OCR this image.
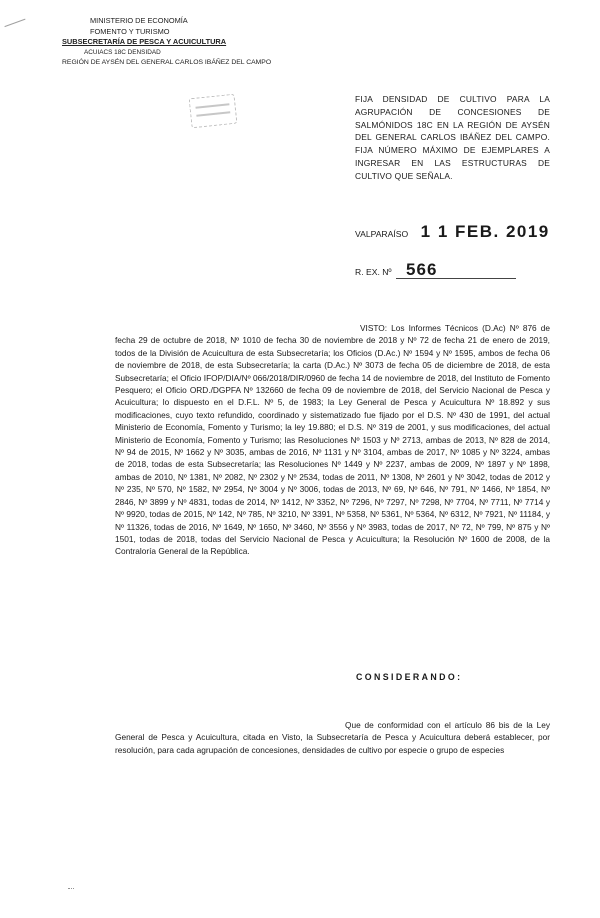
MINISTERIO DE ECONOMÍA
FOMENTO Y TURISMO
SUBSECRETARÍA DE PESCA Y ACUICULTURA
ACUIACS 18C DENSIDAD
REGIÓN DE AYSÉN DEL GENERAL CARLOS IBÁÑEZ DEL CAMPO
FIJA DENSIDAD DE CULTIVO PARA LA AGRUPACIÓN DE CONCESIONES DE SALMÓNIDOS 18C EN LA REGIÓN DE AYSÉN DEL GENERAL CARLOS IBÁÑEZ DEL CAMPO. FIJA NÚMERO MÁXIMO DE EJEMPLARES A INGRESAR EN LAS ESTRUCTURAS DE CULTIVO QUE SEÑALA.
VALPARAÍSO 1 1 FEB. 2019
R. EX. Nº 566
VISTO: Los Informes Técnicos (D.Ac) Nº 876 de fecha 29 de octubre de 2018, Nº 1010 de fecha 30 de noviembre de 2018 y Nº 72 de fecha 21 de enero de 2019, todos de la División de Acuicultura de esta Subsecretaría; los Oficios (D.Ac.) Nº 1594 y Nº 1595, ambos de fecha 06 de noviembre de 2018, de esta Subsecretaría; la carta (D.Ac.) Nº 3073 de fecha 05 de diciembre de 2018, de esta Subsecretaría; el Oficio IFOP/DIA/Nº 066/2018/DIR/0960 de fecha 14 de noviembre de 2018, del Instituto de Fomento Pesquero; el Oficio ORD./DGPFA Nº 132660 de fecha 09 de noviembre de 2018, del Servicio Nacional de Pesca y Acuicultura; lo dispuesto en el D.F.L. Nº 5, de 1983; la Ley General de Pesca y Acuicultura Nº 18.892 y sus modificaciones, cuyo texto refundido, coordinado y sistematizado fue fijado por el D.S. Nº 430 de 1991, del actual Ministerio de Economía, Fomento y Turismo; la ley 19.880; el D.S. Nº 319 de 2001, y sus modificaciones, del actual Ministerio de Economía, Fomento y Turismo; las Resoluciones Nº 1503 y Nº 2713, ambas de 2013, Nº 828 de 2014, Nº 94 de 2015, Nº 1662 y Nº 3035, ambas de 2016, Nº 1131 y Nº 3104, ambas de 2017, Nº 1085 y Nº 3224, ambas de 2018, todas de esta Subsecretaría; las Resoluciones Nº 1449 y Nº 2237, ambas de 2009, Nº 1897 y Nº 1898, ambas de 2010, Nº 1381, Nº 2082, Nº 2302 y Nº 2534, todas de 2011, Nº 1308, Nº 2601 y Nº 3042, todas de 2012 y Nº 235, Nº 570, Nº 1582, Nº 2954, Nº 3004 y Nº 3006, todas de 2013, Nº 69, Nº 646, Nº 791, Nº 1466, Nº 1854, Nº 2846, Nº 3899 y Nº 4831, todas de 2014, Nº 1412, Nº 3352, Nº 7296, Nº 7297, Nº 7298, Nº 7704, Nº 7711, Nº 7714 y Nº 9920, todas de 2015, Nº 142, Nº 785, Nº 3210, Nº 3391, Nº 5358, Nº 5361, Nº 5364, Nº 6312, Nº 7921, Nº 11184, y Nº 11326, todas de 2016, Nº 1649, Nº 1650, Nº 3460, Nº 3556 y Nº 3983, todas de 2017, Nº 72, Nº 799, Nº 875 y Nº 1501, todas de 2018, todas del Servicio Nacional de Pesca y Acuicultura; la Resolución Nº 1600 de 2008, de la Contraloría General de la República.
CONSIDERANDO:
Que de conformidad con el artículo 86 bis de la Ley General de Pesca y Acuicultura, citada en Visto, la Subsecretaría de Pesca y Acuicultura deberá establecer, por resolución, para cada agrupación de concesiones, densidades de cultivo por especie o grupo de especies
